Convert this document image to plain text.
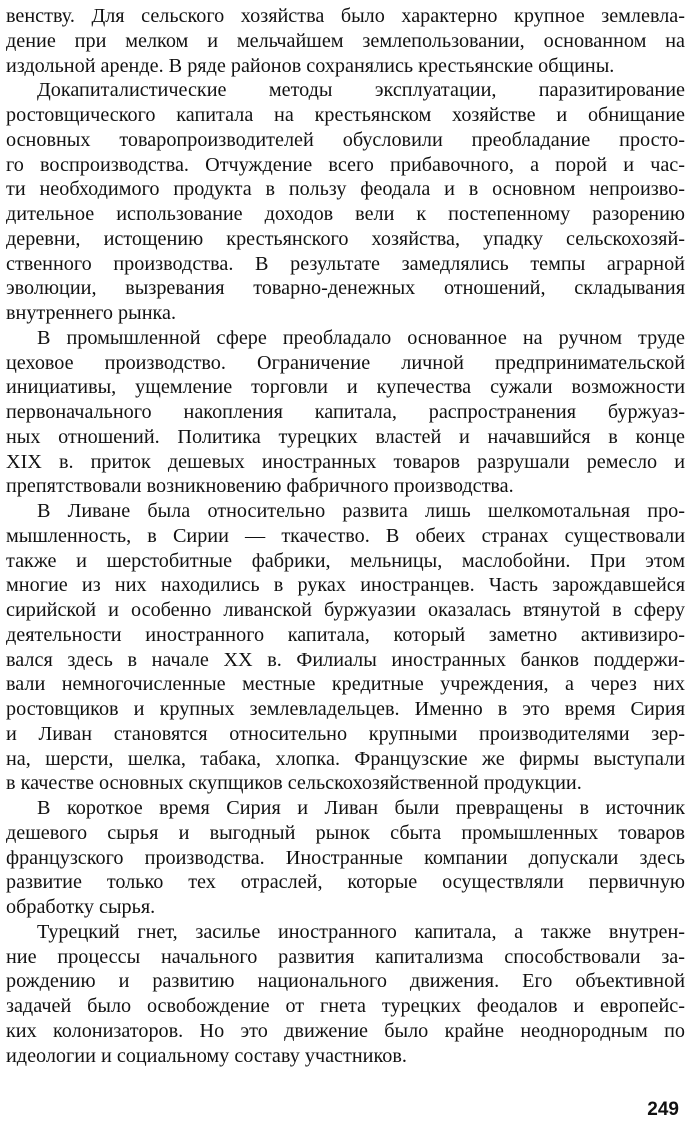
венству. Для сельского хозяйства было характерно крупное землевла-
дение при мелком и мельчайшем землепользовании, основанном на
издольной аренде. В ряде районов сохранялись крестьянские общины.
Докапиталистические методы эксплуатации, паразитирование
ростовщического капитала на крестьянском хозяйстве и обнищание
основных товаропроизводителей обусловили преобладание просто-
го воспроизводства. Отчуждение всего прибавочного, а порой и час-
ти необходимого продукта в пользу феодала и в основном непроизво-
дительное использование доходов вели к постепенному разорению
деревни, истощению крестьянского хозяйства, упадку сельскохозяй-
ственного производства. В результате замедлялись темпы аграрной
эволюции, вызревания товарно-денежных отношений, складывания
внутреннего рынка.
В промышленной сфере преобладало основанное на ручном труде
цеховое производство. Ограничение личной предпринимательской
инициативы, ущемление торговли и купечества сужали возможности
первоначального накопления капитала, распространения буржуаз-
ных отношений. Политика турецких властей и начавшийся в конце
XIX в. приток дешевых иностранных товаров разрушали ремесло и
препятствовали возникновению фабричного производства.
В Ливане была относительно развита лишь шелкомотальная про-
мышленность, в Сирии — ткачество. В обеих странах существовали
также и шерстобитные фабрики, мельницы, маслобойни. При этом
многие из них находились в руках иностранцев. Часть зарождавшейся
сирийской и особенно ливанской буржуазии оказалась втянутой в сферу
деятельности иностранного капитала, который заметно активизиро-
вался здесь в начале XX в. Филиалы иностранных банков поддержи-
вали немногочисленные местные кредитные учреждения, а через них
ростовщиков и крупных землевладельцев. Именно в это время Сирия
и Ливан становятся относительно крупными производителями зер-
на, шерсти, шелка, табака, хлопка. Французские же фирмы выступали
в качестве основных скупщиков сельскохозяйственной продукции.
В короткое время Сирия и Ливан были превращены в источник
дешевого сырья и выгодный рынок сбыта промышленных товаров
французского производства. Иностранные компании допускали здесь
развитие только тех отраслей, которые осуществляли первичную
обработку сырья.
Турецкий гнет, засилье иностранного капитала, а также внутрен-
ние процессы начального развития капитализма способствовали за-
рождению и развитию национального движения. Его объективной
задачей было освобождение от гнета турецких феодалов и европейс-
ких колонизаторов. Но это движение было крайне неоднородным по
идеологии и социальному составу участников.
249
